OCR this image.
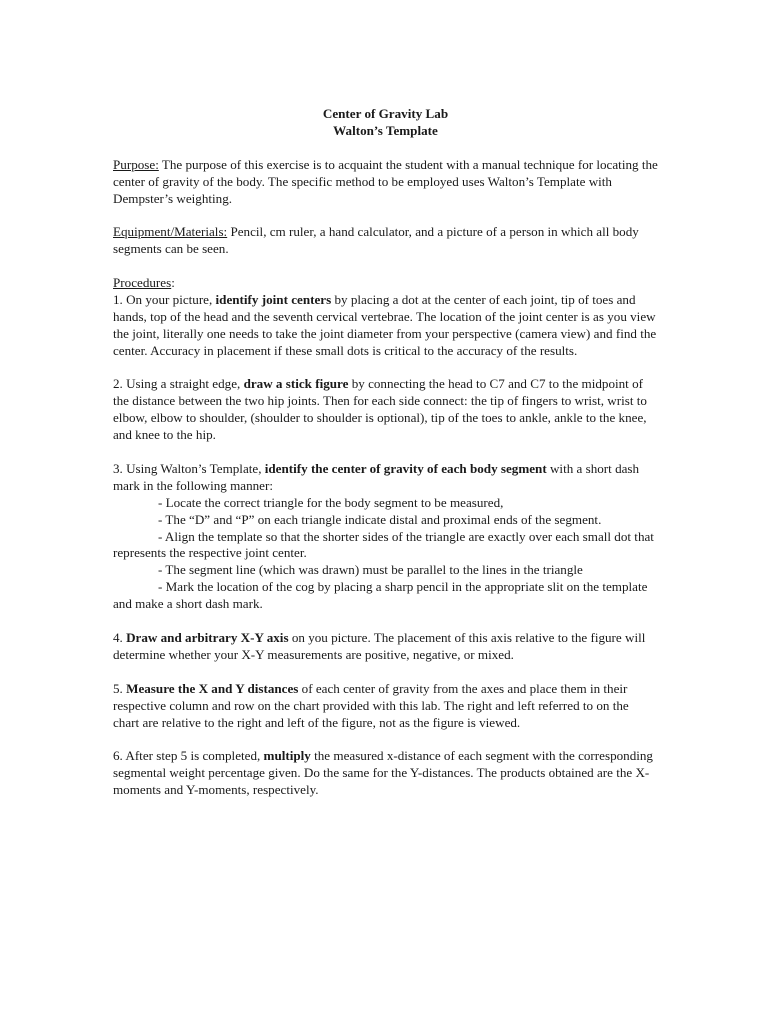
Center of Gravity Lab
Walton’s Template

Purpose: The purpose of this exercise is to acquaint the student with a manual technique for locating the center of gravity of the body. The specific method to be employed uses Walton’s Template with Dempster’s weighting.

Equipment/Materials: Pencil, cm ruler, a hand calculator, and a picture of a person in which all body segments can be seen.

Procedures:

1. On your picture, identify joint centers by placing a dot at the center of each joint, tip of toes and hands, top of the head and the seventh cervical vertebrae. The location of the joint center is as you view the joint, literally one needs to take the joint diameter from your perspective (camera view) and find the center. Accuracy in placement if these small dots is critical to the accuracy of the results.

2. Using a straight edge, draw a stick figure by connecting the head to C7 and C7 to the midpoint of the distance between the two hip joints. Then for each side connect: the tip of fingers to wrist, wrist to elbow, elbow to shoulder, (shoulder to shoulder is optional), tip of the toes to ankle, ankle to the knee, and knee to the hip.

3. Using Walton’s Template, identify the center of gravity of each body segment with a short dash mark in the following manner:

- Locate the correct triangle for the body segment to be measured,

- The “D” and “P” on each triangle indicate distal and proximal ends of the segment.

- Align the template so that the shorter sides of the triangle are exactly over each small dot that represents the respective joint center.

- The segment line (which was drawn) must be parallel to the lines in the triangle

- Mark the location of the cog by placing a sharp pencil in the appropriate slit on the template and make a short dash mark.

4. Draw and arbitrary X-Y axis on you picture. The placement of this axis relative to the figure will determine whether your X-Y measurements are positive, negative, or mixed.

5. Measure the X and Y distances of each center of gravity from the axes and place them in their respective column and row on the chart provided with this lab. The right and left referred to on the chart are relative to the right and left of the figure, not as the figure is viewed.

6. After step 5 is completed, multiply the measured x-distance of each segment with the corresponding segmental weight percentage given. Do the same for the Y-distances. The products obtained are the X-moments and Y-moments, respectively.
